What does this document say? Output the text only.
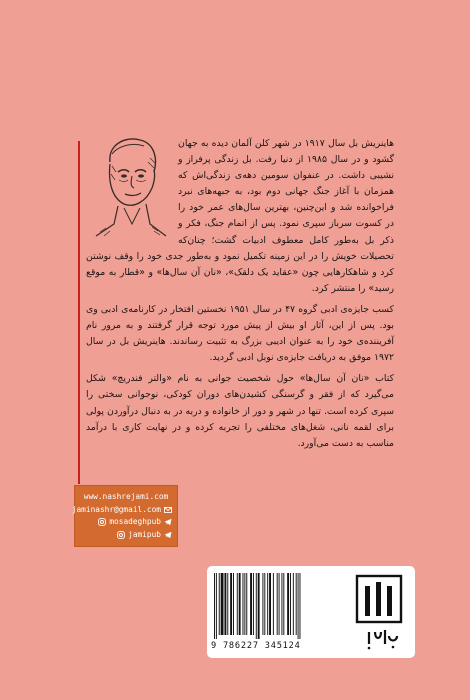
هاینریش بل سال ۱۹۱۷ در شهر کلن آلمان دیده به جهان گشود و در سال ۱۹۸۵ از دنیا رفت. بل زندگی پرفراز و نشیبی داشت. در عنفوان سومین دهه‌ی زندگی‌اش که همزمان با آغاز جنگ جهانی دوم بود، به جبهه‌های نبرد فراخوانده شد و این‌چنین، بهترین سال‌های عمر خود را در کسوت سرباز سپری نمود. پس از اتمام جنگ، فکر و ذکر بل به‌طور کامل معطوف ادبیات گشت؛ چنان‌که تحصیلات خویش را در این زمینه تکمیل نمود و به‌طور جدی خود را وقف نوشتن کرد و شاهکارهایی چون «عقاید یک دلقک»، «نان آن سال‌ها» و «قطار به موقع رسید» را منتشر کرد.

کسب جایزه‌ی ادبی گروه ۴۷ در سال ۱۹۵۱ نخستین افتخار در کارنامه‌ی ادبی وی بود. پس از این، آثار او بیش از پیش مورد توجه قرار گرفتند و به مرور نام آفریننده‌ی خود را به عنوان ادیبی بزرگ به تثبیت رساندند. هاینریش بل در سال ۱۹۷۲ موفق به دریافت جایزه‌ی نوبل ادبی گردید.

کتاب «نان آن سال‌ها» حول شخصیت جوانی به نام «والتر فندریچ» شکل می‌گیرد که از فقر و گرسنگی کشیدن‌های دوران کودکی، نوجوانی سختی را سپری کرده است. تنها در شهر و دور از خانواده و دربه در به دنبال درآوردن پولی برای لقمه نانی، شغل‌های مختلفی را تجربه کرده و در نهایت کاری با درآمد مناسب به دست می‌آورد.

www.nashrejami.com
jaminashr@gmail.com
mosadeghpub
jamipub
9 786227 345124
